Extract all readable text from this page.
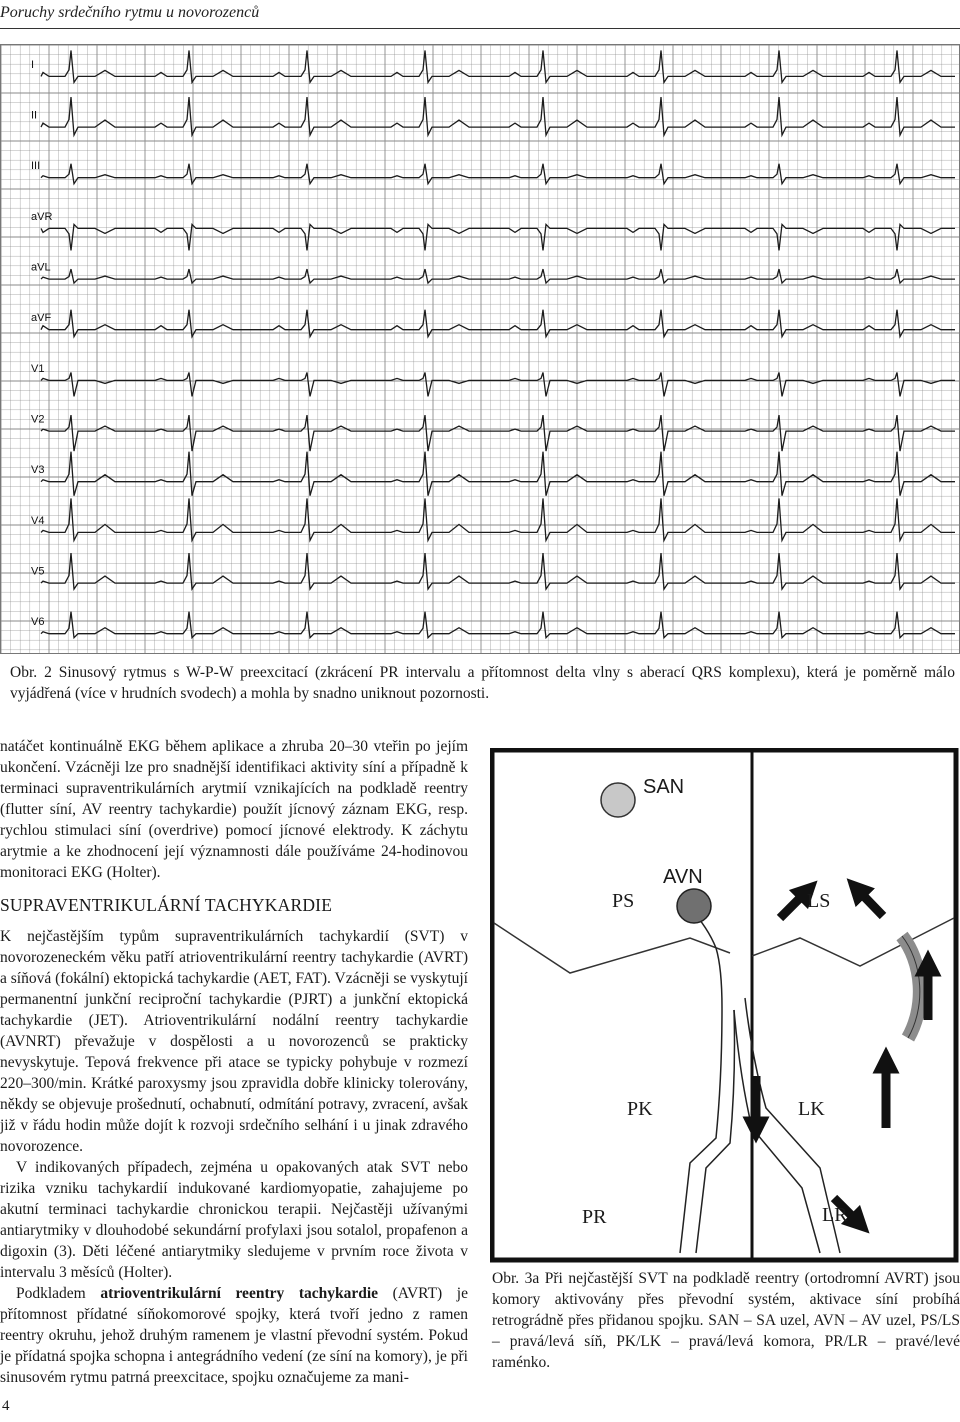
Poruchy srdečního rytmu u novorozenců
I
II
III
aVR
aVL
aVF
V1
V2
V3
V4
V5
V6

Obr. 2 Sinusový rytmus s W-P-W preexcitací (zkrácení PR intervalu a přítomnost delta vlny s aberací QRS komplexu), která je poměrně málo vyjádřená (více v hrudních svodech) a mohla by snadno uniknout pozornosti.

natáčet kontinuálně EKG během aplikace a zhruba 20–30 vteřin po jejím ukončení. Vzácněji lze pro snadnější identifikaci aktivity síní a případně k terminaci supraventrikulárních arytmií vznikajících na podkladě reentry (flutter síní, AV reentry tachykardie) použít jícnový záznam EKG, resp. rychlou stimulaci síní (overdrive) pomocí jícnové elektrody. K záchytu arytmie a ke zhodnocení její významnosti dále používáme 24-hodinovou monitoraci EKG (Holter).

SUPRAVENTRIKULÁRNÍ TACHYKARDIE

K nejčastějším typům supraventrikulárních tachykardií (SVT) v novorozeneckém věku patří atrioventrikulární reentry tachykardie (AVRT) a síňová (fokální) ektopická tachykardie (AET, FAT). Vzácněji se vyskytují permanentní junkční reciproční tachykardie (PJRT) a junkční ektopická tachykardie (JET). Atrioventrikulární nodální reentry tachykardie (AVNRT) převažuje v dospělosti a u novorozenců se prakticky nevyskytuje. Tepová frekvence při atace se typicky pohybuje v rozmezí 220–300/min. Krátké paroxysmy jsou zpravidla dobře klinicky tolerovány, někdy se objevuje prošednutí, ochabnutí, odmítání potravy, zvracení, avšak již v řádu hodin může dojít k rozvoji srdečního selhání i u jinak zdravého novorozence.

V indikovaných případech, zejména u opakovaných atak SVT nebo rizika vzniku tachykardií indukované kardiomyopatie, zahajujeme po akutní terminaci tachykardie chronickou terapii. Nejčastěji užívanými antiarytmiky v dlouhodobé sekundární profylaxi jsou sotalol, propafenon a digoxin (3). Děti léčené antiarytmiky sledujeme v prvním roce života v intervalu 3 měsíců (Holter).

Podkladem atrioventrikulární reentry tachykardie (AVRT) je přítomnost přídatné síňokomorové spojky, která tvoří jedno z ramen reentry okruhu, jehož druhým ramenem je vlastní převodní systém. Pokud je přídatná spojka schopna i antegrádního vedení (ze síní na komory), je při sinusovém rytmu patrná preexcitace, spojku označujeme za mani-

SAN
AVN
PS	LS
PK	LK
PR	LR

Obr. 3a Při nejčastější SVT na podkladě reentry (ortodromní AVRT) jsou komory aktivovány přes převodní systém, aktivace síní probíhá retrográdně přes přidanou spojku. SAN – SA uzel, AVN – AV uzel, PS/LS – pravá/levá síň, PK/LK – pravá/levá komora, PR/LR – pravé/levé raménko.

4
